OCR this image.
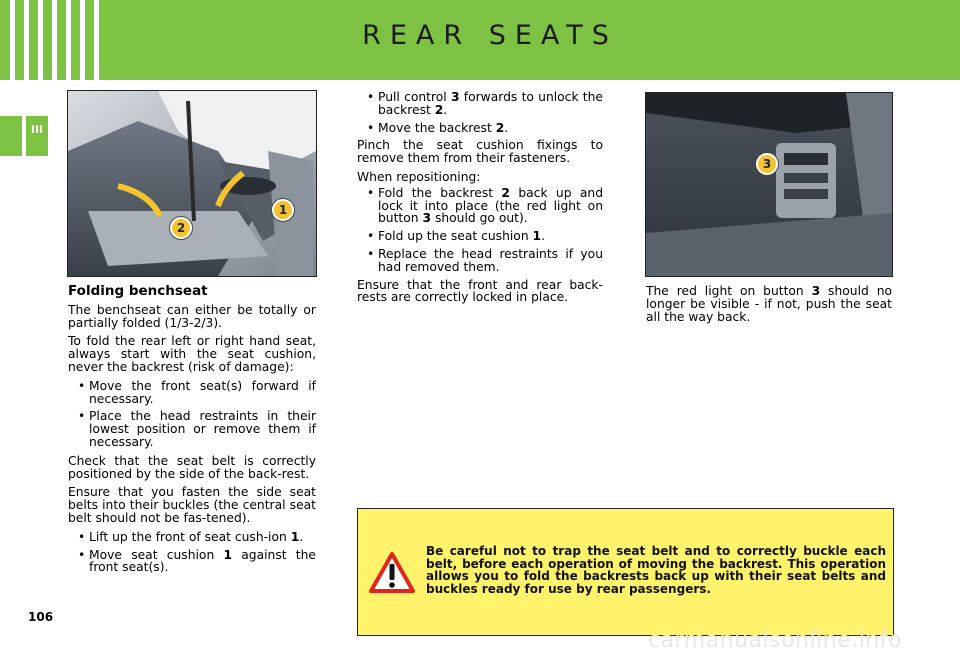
REAR SEATS
III
1
2
3
Folding benchseat

The benchseat can either be totally or partially folded (1/3-2/3).

To fold the rear left or right hand seat, always start with the seat cushion, never the backrest (risk of damage):

• Move the front seat(s) forward if necessary.
• Place the head restraints in their lowest position or remove them if necessary.

Check that the seat belt is correctly positioned by the side of the back-rest.

Ensure that you fasten the side seat belts into their buckles (the central seat belt should not be fas-tened).

• Lift up the front of seat cush-ion 1.
• Move seat cushion 1 against the front seat(s).
• Pull control 3 forwards to unlock the backrest 2.
• Move the backrest 2.

Pinch the seat cushion fixings to remove them from their fasteners.

When repositioning:

• Fold the backrest 2 back up and lock it into place (the red light on button 3 should go out).
• Fold up the seat cushion 1.
• Replace the head restraints if you had removed them.

Ensure that the front and rear back-rests are correctly locked in place.	The red light on button 3 should no longer be visible - if not, push the seat all the way back.

Be careful not to trap the seat belt and to correctly buckle each belt, before each operation of moving the backrest. This operation allows you to fold the backrests back up with their seat belts and buckles ready for use by rear passengers.
106
carmanualsonline.info
